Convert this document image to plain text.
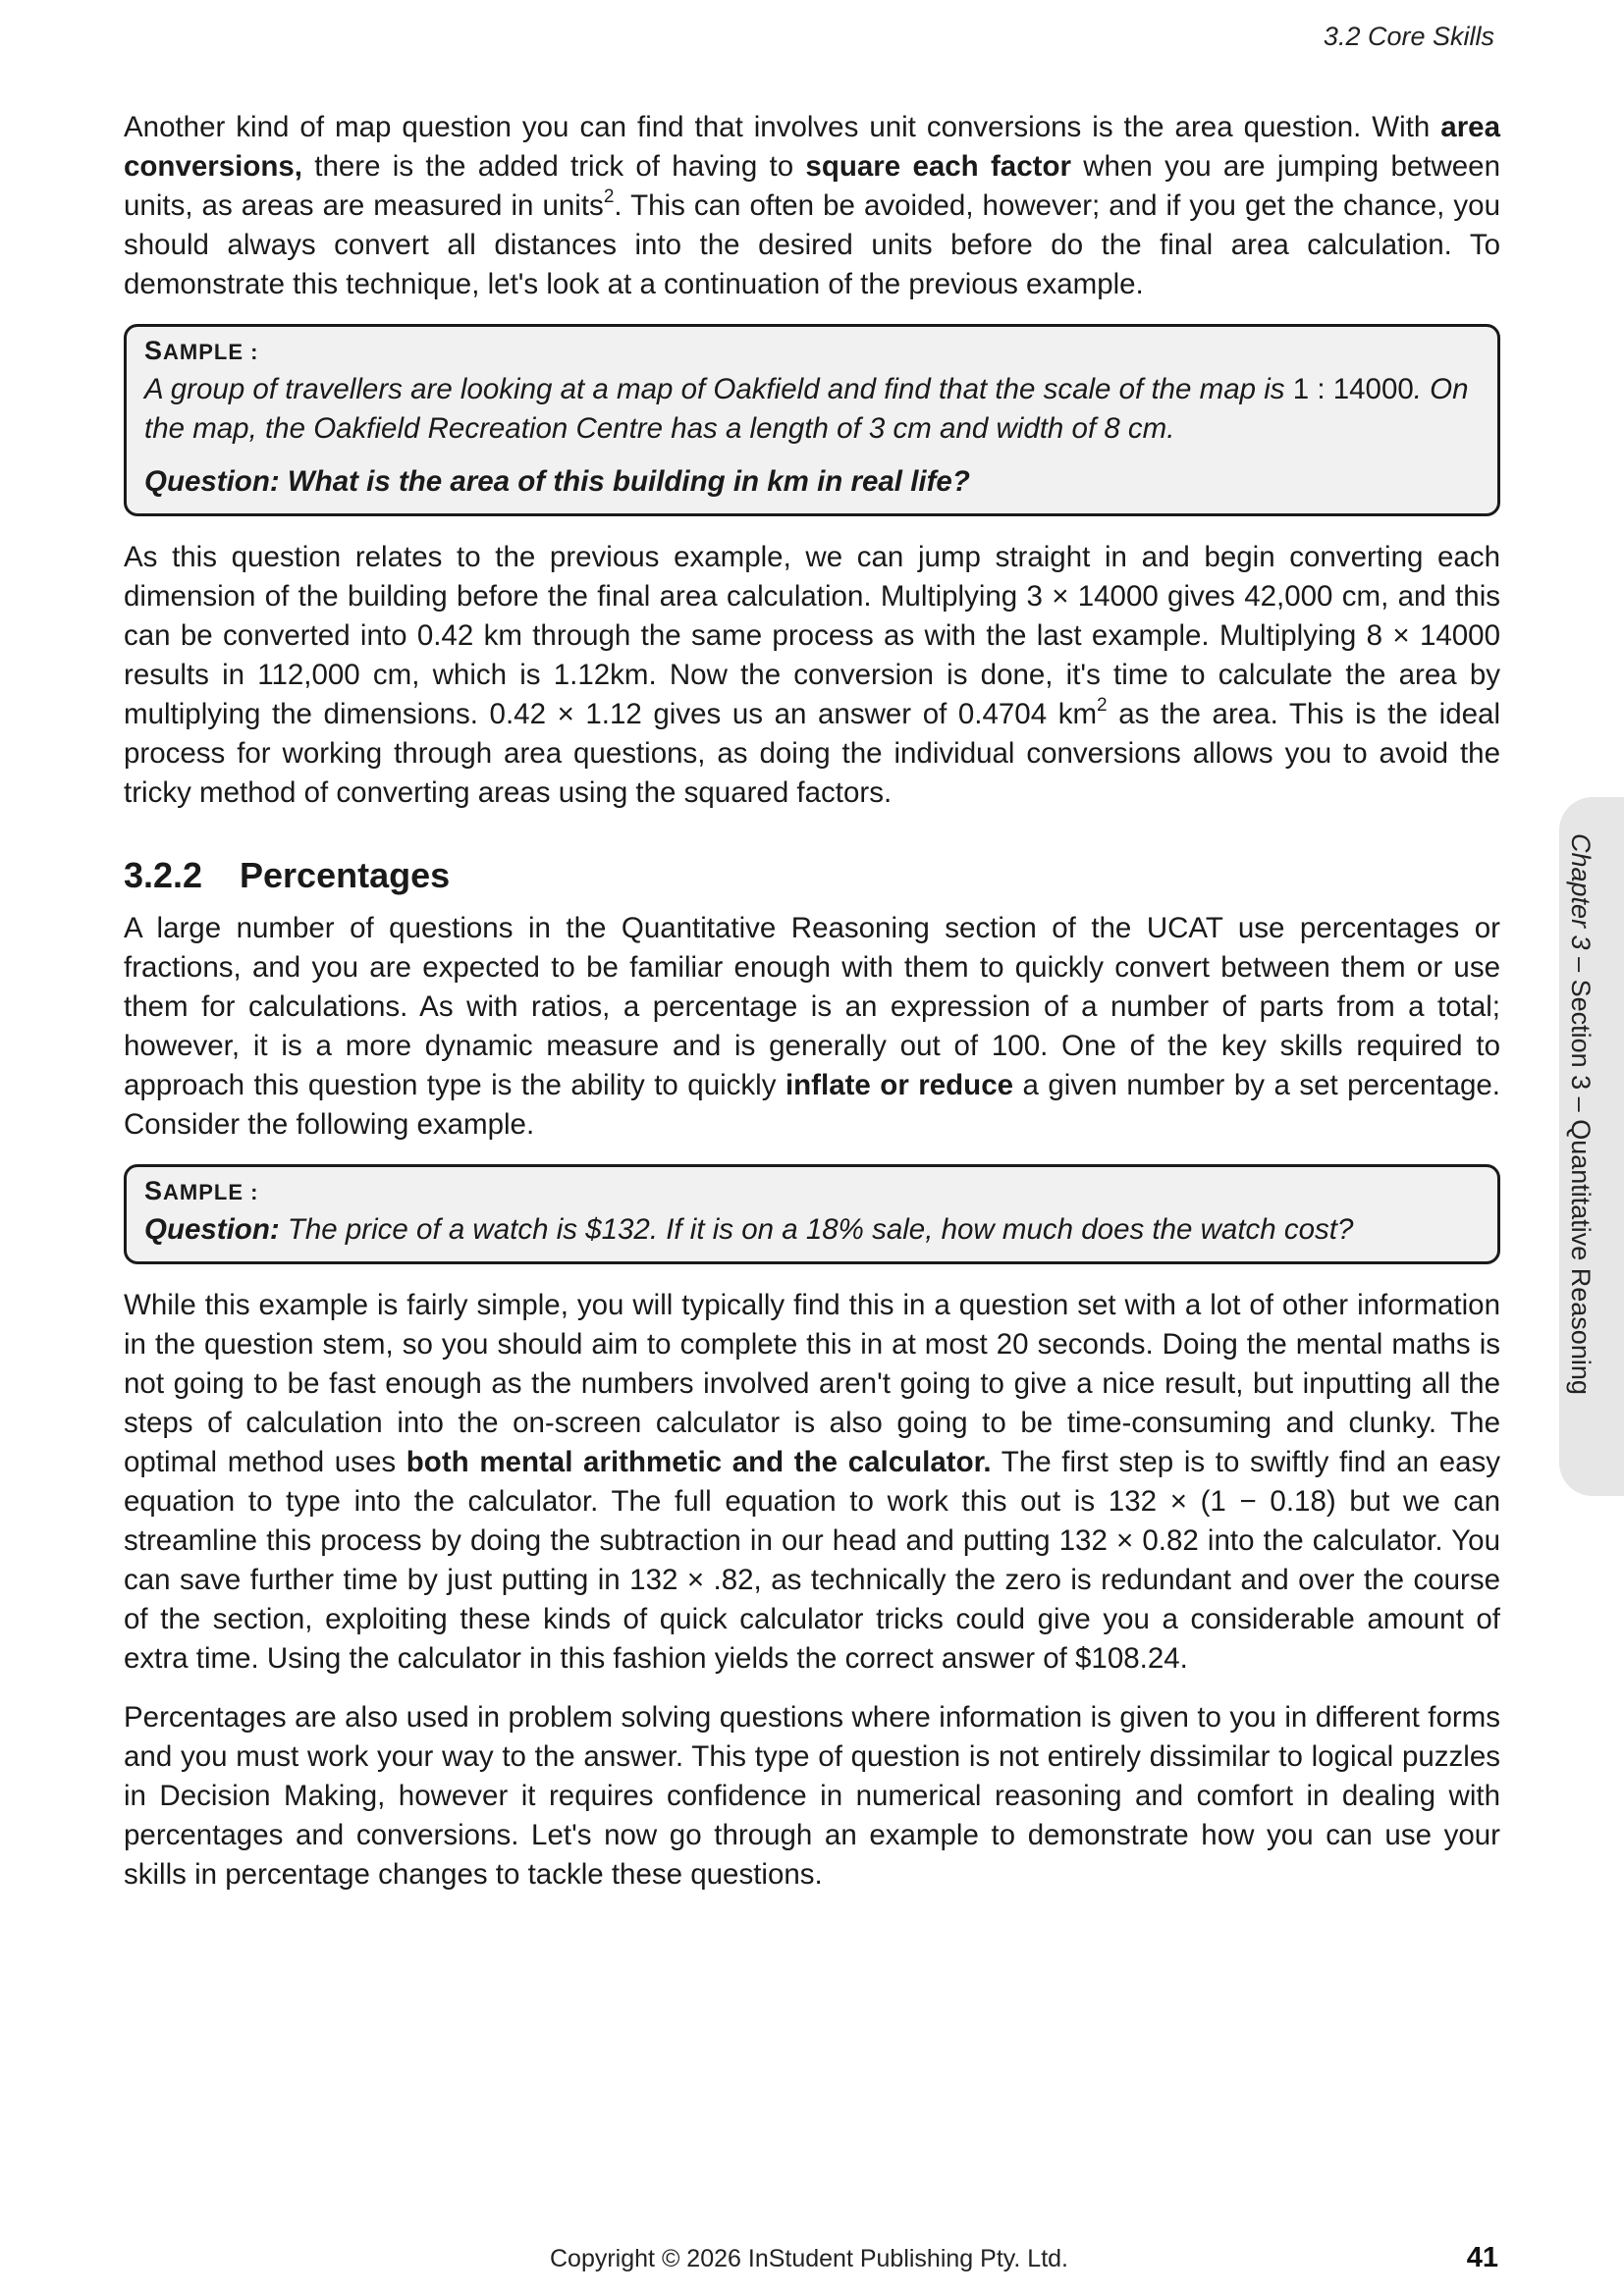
3.2 Core Skills

Another kind of map question you can find that involves unit conversions is the area question. With area conversions, there is the added trick of having to square each factor when you are jumping between units, as areas are measured in units$^2$. This can often be avoided, however; and if you get the chance, you should always convert all distances into the desired units before do the final area calculation. To demonstrate this technique, let's look at a continuation of the previous example.

SAMPLE :

A group of travellers are looking at a map of Oakfield and find that the scale of the map is 1 : 14000. On the map, the Oakfield Recreation Centre has a length of 3 cm and width of 8 cm.

Question: What is the area of this building in km in real life?

As this question relates to the previous example, we can jump straight in and begin converting each dimension of the building before the final area calculation. Multiplying 3 × 14000 gives 42,000 cm, and this can be converted into 0.42 km through the same process as with the last example. Multiplying 8 × 14000 results in 112,000 cm, which is 1.12km. Now the conversion is done, it's time to calculate the area by multiplying the dimensions. 0.42 × 1.12 gives us an answer of 0.4704 $km^2$ as the area. This is the ideal process for working through area questions, as doing the individual conversions allows you to avoid the tricky method of converting areas using the squared factors.

3.2.2 Percentages

A large number of questions in the Quantitative Reasoning section of the UCAT use percentages or fractions, and you are expected to be familiar enough with them to quickly convert between them or use them for calculations. As with ratios, a percentage is an expression of a number of parts from a total; however, it is a more dynamic measure and is generally out of 100. One of the key skills required to approach this question type is the ability to quickly inflate or reduce a given number by a set percentage. Consider the following example.

SAMPLE :

Question: The price of a watch is $132. If it is on a 18% sale, how much does the watch cost?

While this example is fairly simple, you will typically find this in a question set with a lot of other information in the question stem, so you should aim to complete this in at most 20 seconds. Doing the mental maths is not going to be fast enough as the numbers involved aren't going to give a nice result, but inputting all the steps of calculation into the on-screen calculator is also going to be time-consuming and clunky. The optimal method uses both mental arithmetic and the calculator. The first step is to swiftly find an easy equation to type into the calculator. The full equation to work this out is 132 × (1 − 0.18) but we can streamline this process by doing the subtraction in our head and putting 132 × 0.82 into the calculator. You can save further time by just putting in 132 × .82, as technically the zero is redundant and over the course of the section, exploiting these kinds of quick calculator tricks could give you a considerable amount of extra time. Using the calculator in this fashion yields the correct answer of $108.24.

Percentages are also used in problem solving questions where information is given to you in different forms and you must work your way to the answer. This type of question is not entirely dissimilar to logical puzzles in Decision Making, however it requires confidence in numerical reasoning and comfort in dealing with percentages and conversions. Let's now go through an example to demonstrate how you can use your skills in percentage changes to tackle these questions.

Chapter 3 – Section 3 – Quantitative Reasoning
Copyright © 2026 InStudent Publishing Pty. Ltd.	41
